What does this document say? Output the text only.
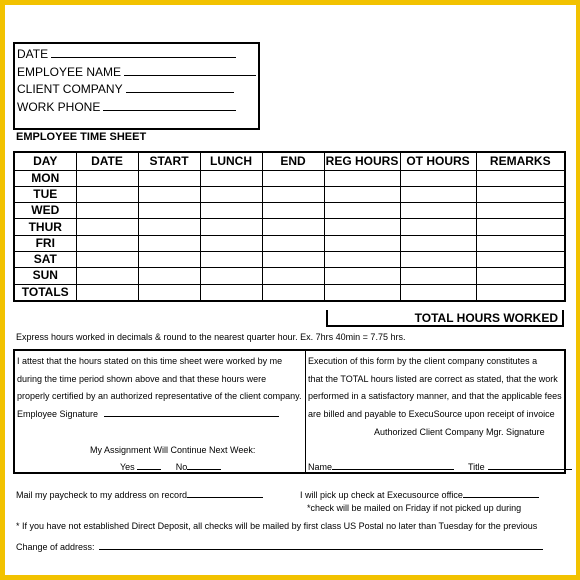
DATE
EMPLOYEE NAME
CLIENT COMPANY
WORK PHONE
EMPLOYEE TIME SHEET
DAY	DATE	START	LUNCH	END	REG HOURS	OT HOURS	REMARKS
MON							
TUE							
WED							
THUR							
FRI							
SAT							
SUN							
TOTALS							
TOTAL HOURS WORKED
Express hours worked in decimals & round to the nearest quarter hour. Ex. 7hrs 40min = 7.75 hrs.
I attest that the hours stated on this time sheet were worked by me
during the time period shown above and that these hours were
properly certified by an authorized representative of the client company.
Employee Signature
My Assignment Will Continue Next Week:
Yes	No
Execution of this form by the client company constitutes a
that the TOTAL hours listed are correct as stated, that the work
performed in a satisfactory manner, and that the applicable fees
are billed and payable to ExecuSource upon receipt of invoice
Authorized Client Company Mgr. Signature
Name	Title
Mail my paycheck to my address on record	I will pick up check at Execusource office
*check will be mailed on Friday if not picked up during
* If you have not established Direct Deposit, all checks will be mailed by first class US Postal no later than Tuesday for the previous
Change of address:
